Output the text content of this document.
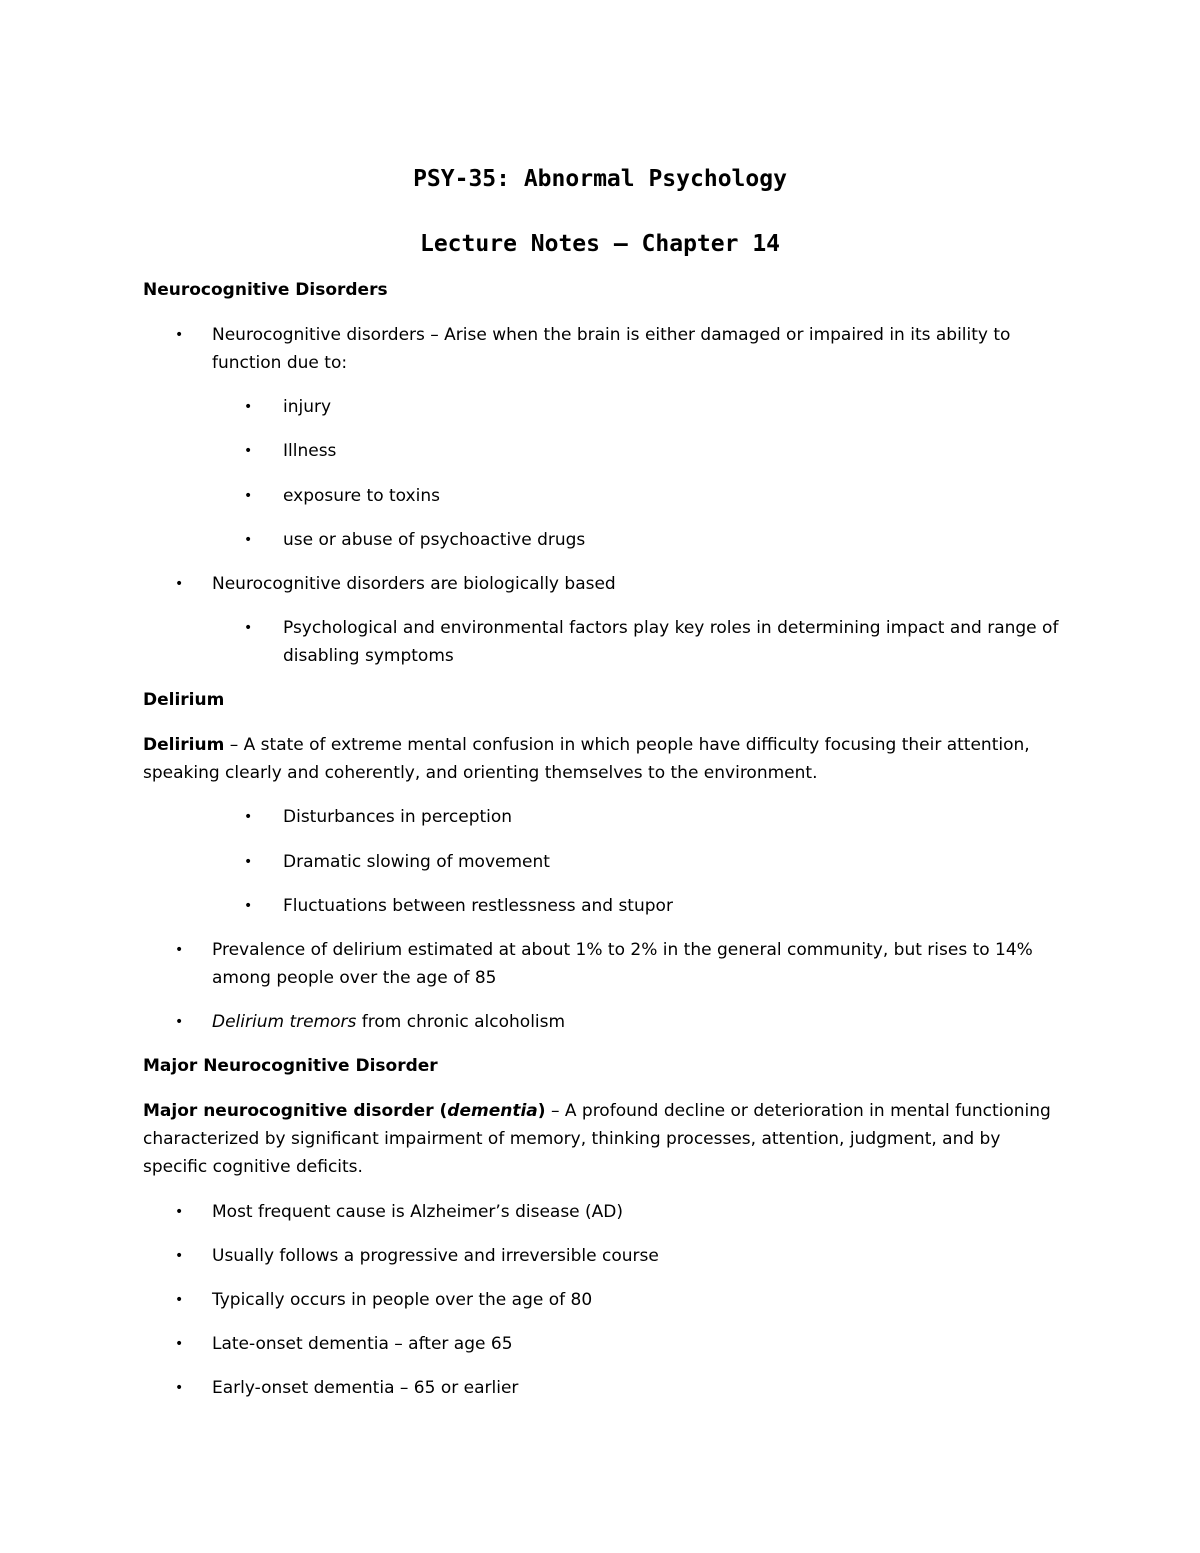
PSY-35: Abnormal Psychology
Lecture Notes – Chapter 14
Neurocognitive Disorders
• Neurocognitive disorders – Arise when the brain is either damaged or impaired in its ability to function due to:
• injury
• Illness
• exposure to toxins
• use or abuse of psychoactive drugs
• Neurocognitive disorders are biologically based
• Psychological and environmental factors play key roles in determining impact and range of disabling symptoms
Delirium
Delirium – A state of extreme mental confusion in which people have difficulty focusing their attention, speaking clearly and coherently, and orienting themselves to the environment.
• Disturbances in perception
• Dramatic slowing of movement
• Fluctuations between restlessness and stupor
• Prevalence of delirium estimated at about 1% to 2% in the general community, but rises to 14% among people over the age of 85
• Delirium tremors from chronic alcoholism
Major Neurocognitive Disorder
Major neurocognitive disorder (dementia) – A profound decline or deterioration in mental functioning characterized by significant impairment of memory, thinking processes, attention, judgment, and by specific cognitive deficits.
• Most frequent cause is Alzheimer’s disease (AD)
• Usually follows a progressive and irreversible course
• Typically occurs in people over the age of 80
• Late-onset dementia – after age 65
• Early-onset dementia – 65 or earlier
